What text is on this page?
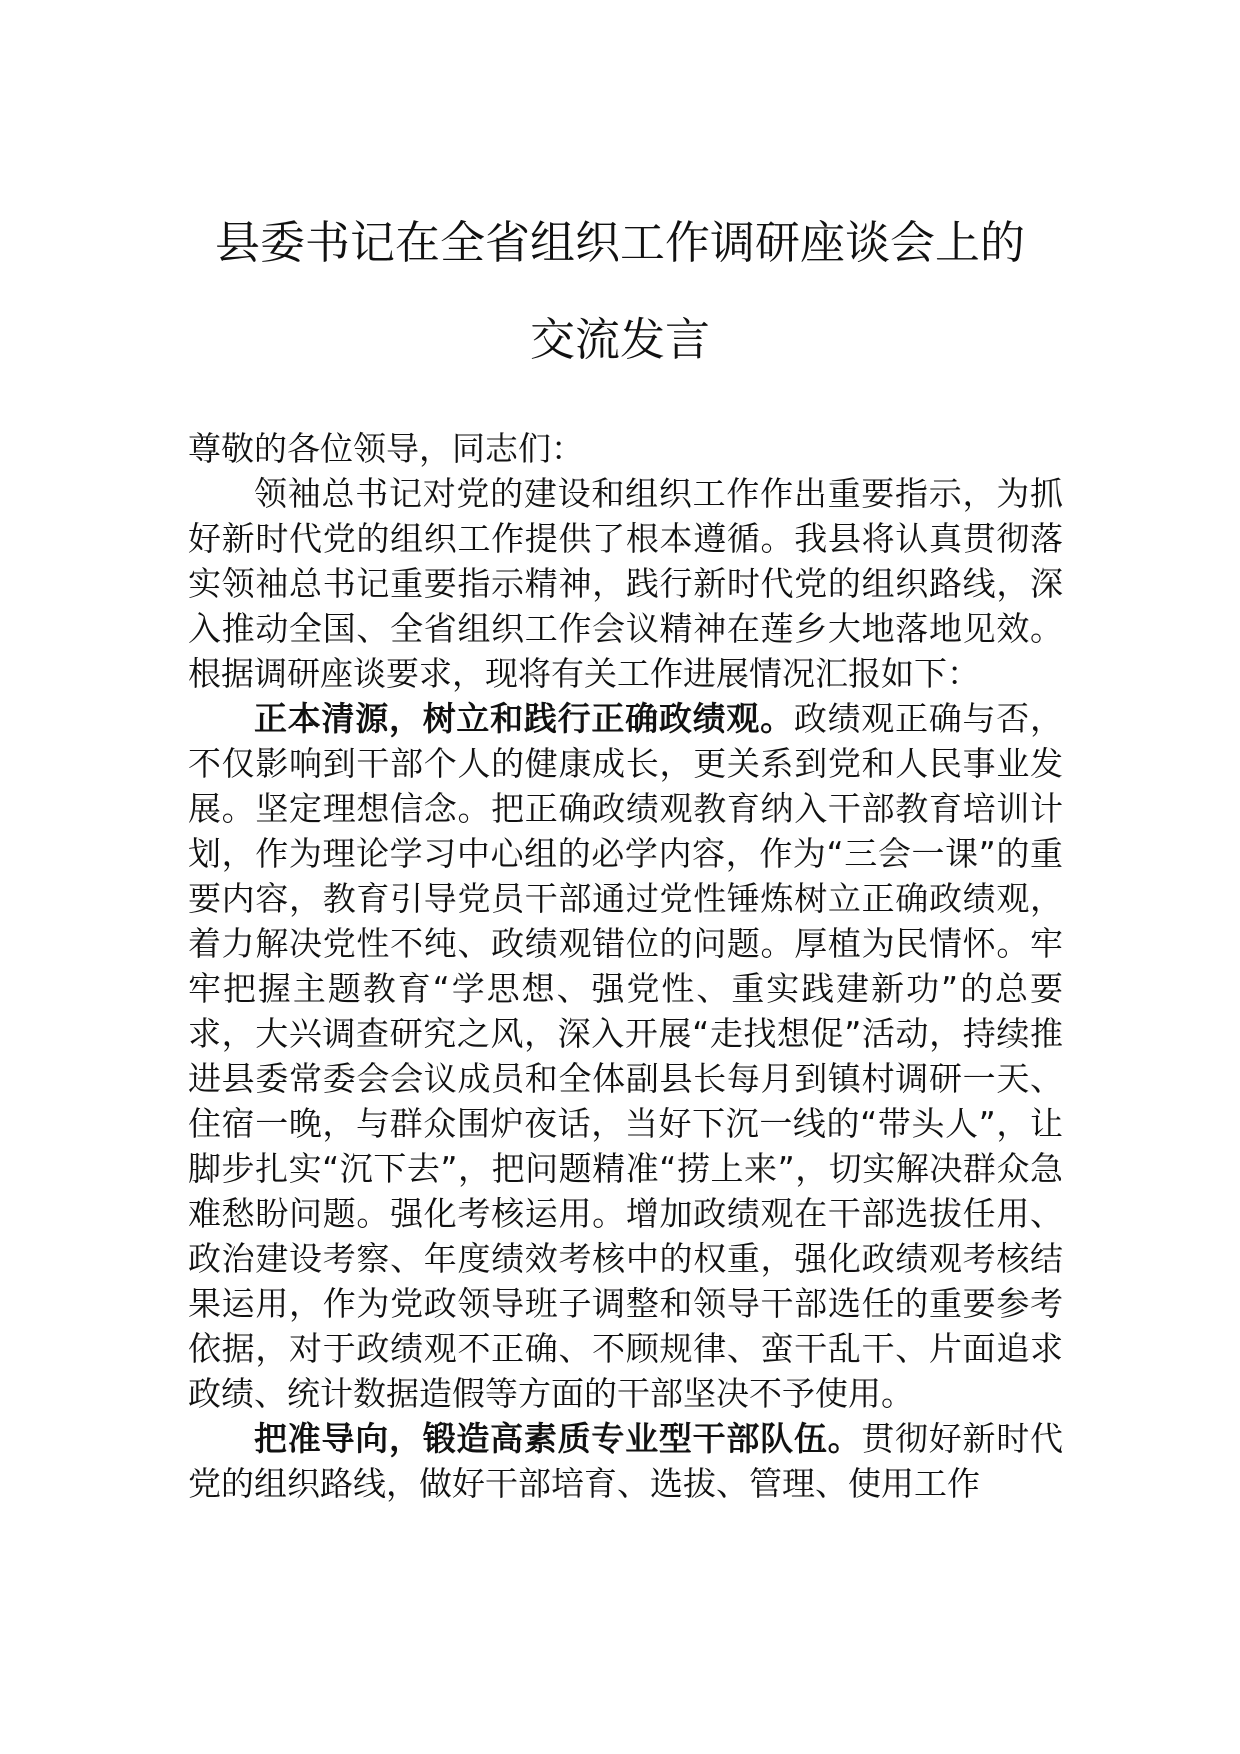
县委书记在全省组织工作调研座谈会上的
交流发言

尊敬的各位领导，同志们：

领袖总书记对党的建设和组织工作作出重要指示，为抓好新时代党的组织工作提供了根本遵循。我县将认真贯彻落实领袖总书记重要指示精神，践行新时代党的组织路线，深入推动全国、全省组织工作会议精神在莲乡大地落地见效。根据调研座谈要求，现将有关工作进展情况汇报如下：

正本清源，树立和践行正确政绩观。政绩观正确与否，不仅影响到干部个人的健康成长，更关系到党和人民事业发展。坚定理想信念。把正确政绩观教育纳入干部教育培训计划，作为理论学习中心组的必学内容，作为“三会一课”的重要内容，教育引导党员干部通过党性锤炼树立正确政绩观，着力解决党性不纯、政绩观错位的问题。厚植为民情怀。牢牢把握主题教育“学思想、强党性、重实践建新功”的总要求，大兴调查研究之风，深入开展“走找想促”活动，持续推进县委常委会会议成员和全体副县长每月到镇村调研一天、住宿一晚，与群众围炉夜话，当好下沉一线的“带头人”，让脚步扎实“沉下去”，把问题精准“捞上来”，切实解决群众急难愁盼问题。强化考核运用。增加政绩观在干部选拔任用、政治建设考察、年度绩效考核中的权重，强化政绩观考核结果运用，作为党政领导班子调整和领导干部选任的重要参考依据，对于政绩观不正确、不顾规律、蛮干乱干、片面追求政绩、统计数据造假等方面的干部坚决不予使用。

把准导向，锻造高素质专业型干部队伍。贯彻好新时代党的组织路线，做好干部培育、选拔、管理、使用工作
